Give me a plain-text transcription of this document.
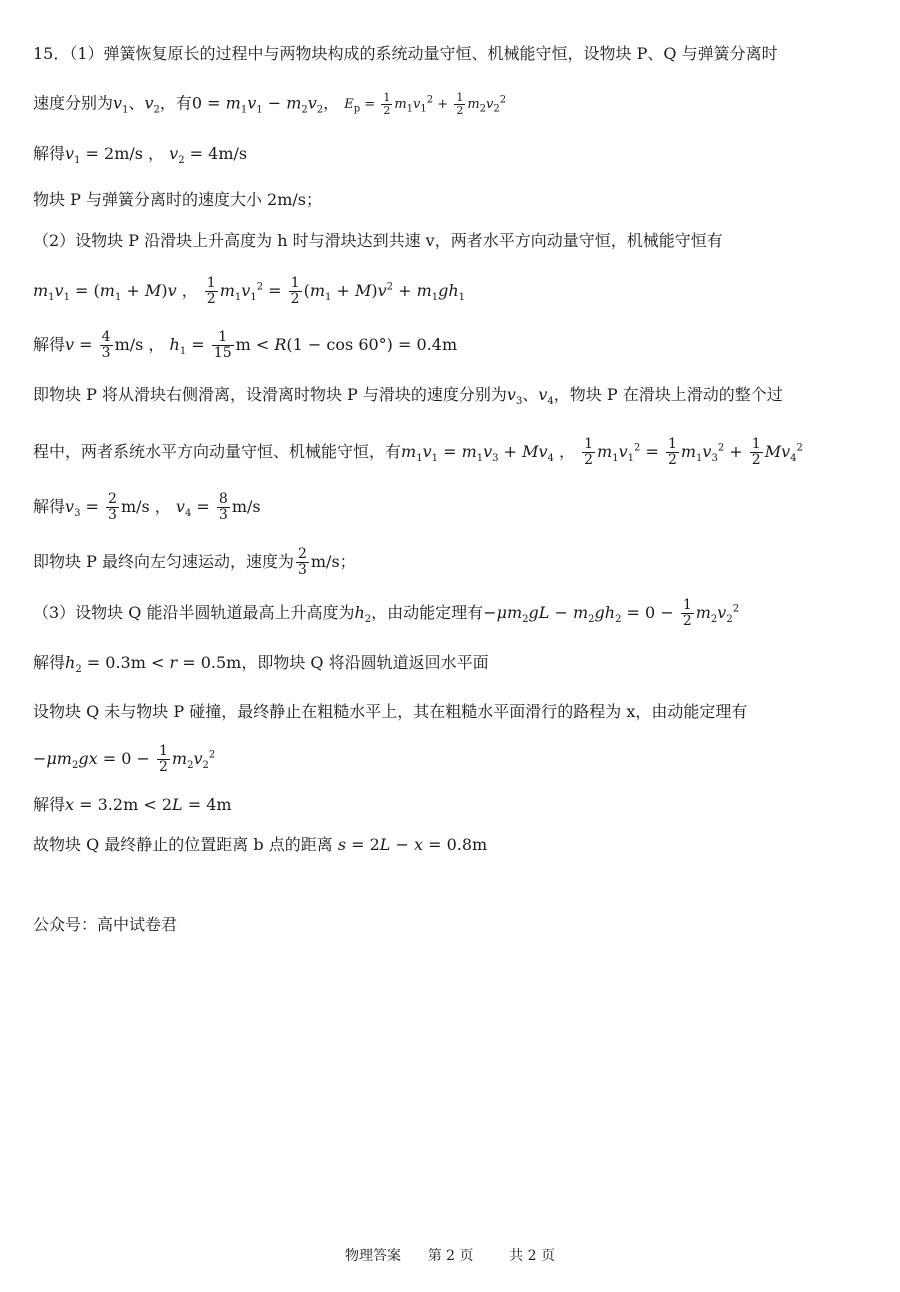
15．（1）弹簧恢复原长的过程中与两物块构成的系统动量守恒、机械能守恒，设物块 P、Q 与弹簧分离时
速度分别为$v_1$、$v_2$，有$0 = m_1v_1 - m_2v_2$， $E_p = \frac{1}{2} m_1v_1^2 + \frac{1}{2} m_2v_2^2$
解得$v_1 = 2m/s$ ， $v_2 = 4m/s$
物块 P 与弹簧分离时的速度大小 2m/s；
（2）设物块 P 沿滑块上升高度为 h 时与滑块达到共速 v，两者水平方向动量守恒，机械能守恒有
$m_1v_1 = (m_1 + M)v$ ， $\frac{1}{2} m_1v_1^2 = \frac{1}{2} (m_1 + M)v^2 + m_1gh_1$
解得$v = \frac{4}{3} m/s$ ， $h_1 = \frac{1}{15}$ m < R(1 − cos 60°) = 0.4m
即物块 P 将从滑块右侧滑离，设滑离时物块 P 与滑块的速度分别为$v_3$、$v_4$，物块 P 在滑块上滑动的整个过
程中，两者系统水平方向动量守恒、机械能守恒，有$m_1v_1 = m_1v_3 + Mv_4$ ， $\frac{1}{2} m_1v_1^2 = \frac{1}{2} m_1v_3^2 + \frac{1}{2} Mv_4^2$
解得$v_3 = \frac{2}{3} m/s$ ， $v_4 = \frac{8}{3} m/s$
即物块 P 最终向左匀速运动，速度为 $\frac{2}{3} m/s$；
（3）设物块 Q 能沿半圆轨道最高上升高度为$h_2$，由动能定理有$-\mu m_2gL - m_2gh_2 = 0 - \frac{1}{2} m_2v_2^2$
解得$h_2 = 0.3m < r = 0.5m$，即物块 Q 将沿圆轨道返回水平面
设物块 Q 未与物块 P 碰撞，最终静止在粗糙水平上，其在粗糙水平面滑行的路程为 x，由动能定理有
$-\mu m_2gx = 0 - \frac{1}{2} m_2v_2^2$
解得x = 3.2m < 2L = 4m
故物块 Q 最终静止的位置距离 b 点的距离 s = 2L − x = 0.8m
公众号：高中试卷君
物理答案 第 2 页	共 2 页
